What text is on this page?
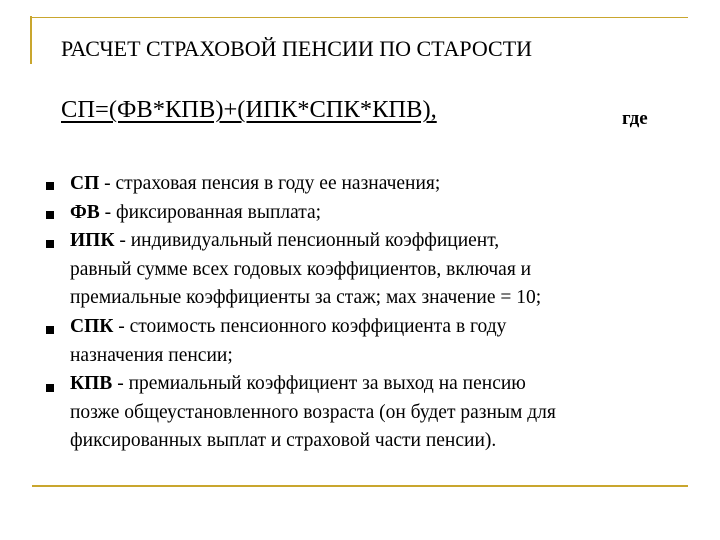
РАСЧЕТ СТРАХОВОЙ ПЕНСИИ ПО СТАРОСТИ
СП=(ФВ*КПВ)+(ИПК*СПК*КПВ),	где
СП - страховая пенсия в году ее назначения;
ФВ - фиксированная выплата;
ИПК - индивидуальный пенсионный коэффициент,
равный сумме всех годовых коэффициентов, включая и
премиальные коэффициенты за стаж; мах значение = 10;
СПК - стоимость пенсионного коэффициента в году
назначения пенсии;
КПВ - премиальный коэффициент за выход на пенсию
позже общеустановленного возраста (он будет разным для
фиксированных выплат и страховой части пенсии).
